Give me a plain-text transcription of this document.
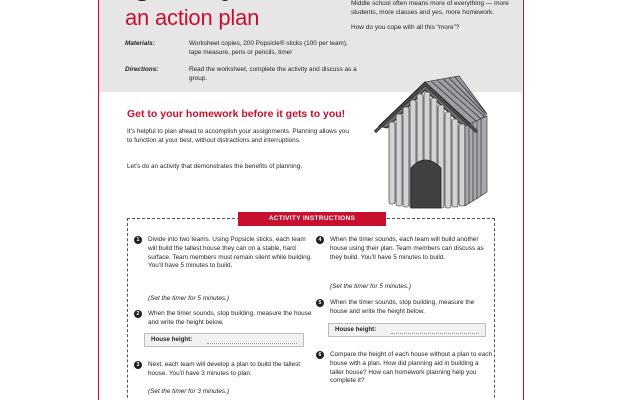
an action plan
Materials:	Worksheet copies, 200 Popsicle® sticks (100 per team), tape measure, pens or pencils, timer
Directions:	Read the worksheet, complete the activity and discuss as a group.

Middle school often means more of everything — more students, more classes and yes, more homework.

How do you cope with all this “more”?

Get to your homework before it gets to you!
It’s helpful to plan ahead to accomplish your assignments. Planning allows you to function at your best, without distractions and interruptions.
Let’s do an activity that demonstrates the benefits of planning.
ACTIVITY INSTRUCTIONS
1	Divide into two teams. Using Popsicle sticks, each team will build the tallest house they can on a stable, hard surface. Team members must remain silent while building. You’ll have 5 minutes to build.
(Set the timer for 5 minutes.)
2	When the timer sounds, stop building, measure the house and write the height below.
House height:
3	Next, each team will develop a plan to build the tallest house. You’ll have 3 minutes to plan.
(Set the timer for 3 minutes.)
4	When the timer sounds, each team will build another house using their plan. Team members can discuss as they build. You’ll have 5 minutes to build.
(Set the timer for 5 minutes.)
5	When the timer sounds, stop building, measure the house and write the height below.
House height:
6	Compare the height of each house without a plan to each house with a plan. How did planning aid in building a taller house? How can homework planning help you complete it?
